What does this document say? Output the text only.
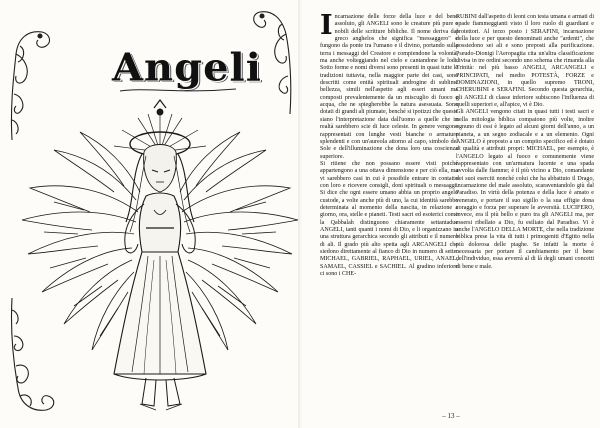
Angeli
I ncarnazione delle forze della luce e del bene assoluto, gli ANGELI sono le creature più pure e nobili delle scritture bibliche. Il nome deriva dal greco anghelos che significa "messaggero" e fungono da ponte tra l'umano e il divino, portando sulla terra i messaggi del Creatore e compiendone la volontà, ma anche volteggiando nel cielo e cantandone le lodi. Sotto forme e nomi diversi sono presenti in quasi tutte le tradizioni tuttavia, nella maggior parte dei casi, sono descritti come entità spirituali androgine di sublime bellezza, simili nell'aspetto agli esseri umani ma composti prevalentemente da un miscuglio di fuoco e acqua, che ne spiegherebbe la natura asessuata. Sono dotati di grandi ali piumate, benché si ipotizzi che queste siano l'interpretazione data dall'uomo a quelle che in realtà sarebbero scie di luce celeste. In genere vengono rappresentati con lunghe vesti bianche o armature splendenti e con un'aureola attorno al capo, simbolo del Sole e dell'illuminazione che dona loro una coscienza superiore.

Si ritiene che non possano essere visti poiché appartengono a una ottava dimensione e per ciò ella, ma vi sarebbero casi in cui è possibile entrare in contatto con loro e ricevere consigli, doni spirituali o messaggi. Si dice che ogni essere umano abbia un proprio angelo custode, a volte anche più di uno, la cui identità sarebbe determinata al momento della nascita, in relazione a giorno, ora, stelle e pianeti. Testi sacri ed esoterici come la Qabbalah distinguono chiaramente settantadue ANGELI, tanti quanti i nomi di Dio, e li organizzano in una struttura gerarchica secondo gli attributi e il numero di ali. Il grado più alto spetta agli ARCANGELI che siedono direttamente al fianco di Dio in numero di sette: MICHAEL, GABRIEL, RAPHAEL, URIEL, ANAEL, SAMAEL, CASSIEL e SACHIEL. Al gradino inferiore ci sono i CHE-

RUBINI dall'aspetto di leoni con testa umana e armati di spade fiammeggianti visto il loro ruolo di guardiani e protettori. Al terzo posto i SERAFINI, incarnazione della luce e per questo denominati anche "ardenti", che possiedono sei ali e sono preposti alla purificazione. Pseudo-Dionigi l'Aeropagita cita un'altra classificazione divisa in tre ordini secondo uno schema che rimanda alla Trinità: nel più basso ANGELI, ARCANGELI e PRINCIPATI, nel medio POTESTÀ, FORZE e DOMINAZIONI, in quello supremo TRONI, CHERUBINI e SERAFINI. Secondo questa gerarchia, gli ANGELI di classe inferiore subiscono l'influenza di quelli superiori e, all'apice, vi è Dio.

Gli ANGELI vengono citati in quasi tutti i testi sacri e nella mitologia biblica compaiono più volte, inoltre ognuno di essi è legato ad alcuni giorni dell'anno, a un pianeta, a un segno zodiacale e a un elemento. Ogni ANGELO è preposto a un compito specifico ed è dotato di qualità e attributi propri: MICHAEL, per esempio, è l'ANGELO legato al fuoco e comunemente viene rappresentato con un'armatura lucente e una spada avvolta dalle fiamme; è il più vicino a Dio, comandante dei suoi eserciti nonché colui che ha abbattuto il Drago, incarnazione del male assoluto, scaraventandolo giù dal Paradiso. In virtù della potenza e della luce è amato e venerato, e portare il suo sigillo o la sua effigie dona coraggio e forza per superare le avversità. LUCIFERO, invece, era il più bello e puro tra gli ANGELI ma, per essersi ribellato a Dio, fu esiliato dal Paradiso. Vi è anche l'ANGELO DELLA MORTE, che nella tradizione biblica prese la vita di tutti i primogeniti d'Egitto nella più dolorosa delle piaghe. Se infatti la morte è necessaria per portare il cambiamento per il bene dell'individuo, essa avverrà al di là degli umani concetti di bene e male.

– 13 –
